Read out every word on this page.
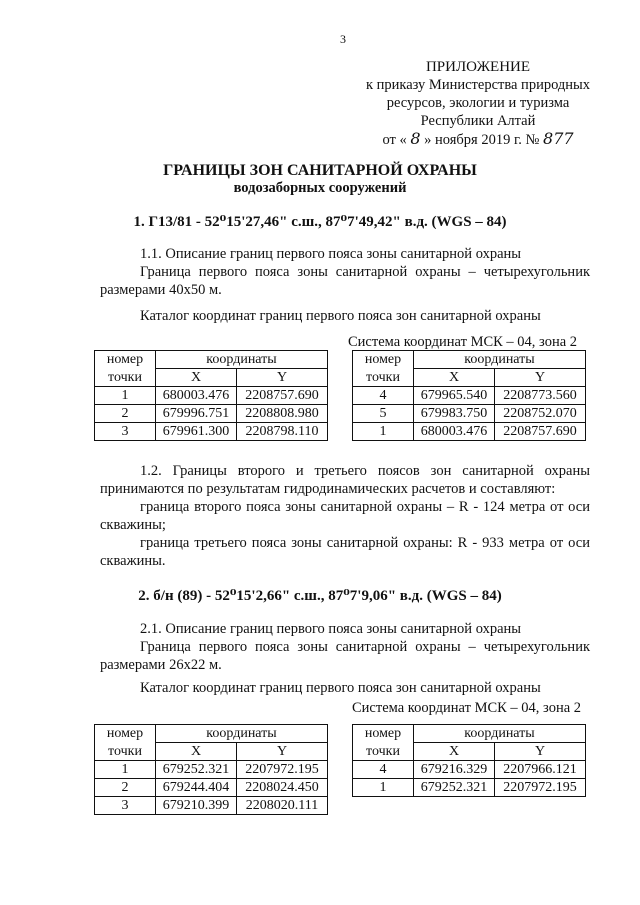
3
ПРИЛОЖЕНИЕ
к приказу Министерства природных
ресурсов, экологии и туризма
Республики Алтай
от « 8 » ноября 2019 г. № 877
ГРАНИЦЫ ЗОН САНИТАРНОЙ ОХРАНЫ
водозаборных сооружений
1. Г13/81 - 52⁰15'27,46" с.ш., 87⁰7'49,42" в.д. (WGS – 84)

1.1. Описание границ первого пояса зоны санитарной охраны

Граница первого пояса зоны санитарной охраны – четырехугольник размерами 40х50 м.

Каталог координат границ первого пояса зон санитарной охраны
Система координат МСК – 04, зона 2
номер	координаты	
точки	X	Y
1	680003.476	2208757.690
2	679996.751	2208808.980
3	679961.300	2208798.110
номер	координаты	
точки	X	Y
4	679965.540	2208773.560
5	679983.750	2208752.070
1	680003.476	2208757.690

1.2. Границы второго и третьего поясов зон санитарной охраны принимаются по результатам гидродинамических расчетов и составляют:

граница второго пояса зоны санитарной охраны – R - 124 метра от оси скважины;

граница третьего пояса зоны санитарной охраны: R - 933 метра от оси скважины.

2. б/н (89) - 52⁰15'2,66" с.ш., 87⁰7'9,06" в.д. (WGS – 84)

2.1. Описание границ первого пояса зоны санитарной охраны

Граница первого пояса зоны санитарной охраны – четырехугольник размерами 26х22 м.

Каталог координат границ первого пояса зон санитарной охраны
Система координат МСК – 04, зона 2
номер	координаты	
точки	X	Y
1	679252.321	2207972.195
2	679244.404	2208024.450
3	679210.399	2208020.111
номер	координаты	
точки	X	Y
4	679216.329	2207966.121
1	679252.321	2207972.195
